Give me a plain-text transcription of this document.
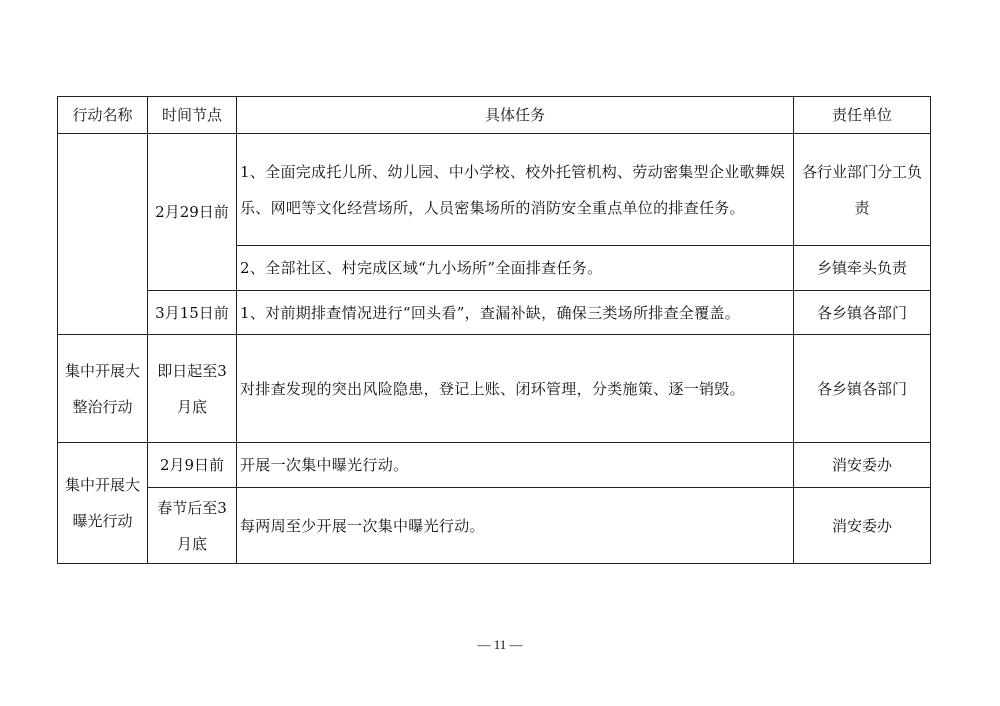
行动名称	时间节点	具体任务	责任单位
	2月29日前	1、全面完成托儿所、幼儿园、中小学校、校外托管机构、劳动密集型企业歌舞娱乐、网吧等文化经营场所，人员密集场所的消防安全重点单位的排查任务。	各行业部门分工负责

		2、全部社区、村完成区域“九小场所”全面排查任务。	乡镇牵头负责
	3月15日前	1、对前期排查情况进行“回头看”，查漏补缺，确保三类场所排查全覆盖。	各乡镇各部门

集中开展大整治行动	即日起至3月底	对排查发现的突出风险隐患，登记上账、闭环管理，分类施策、逐一销毁。	各乡镇各部门

集中开展大曝光行动	2月9日前	开展一次集中曝光行动。	消安委办

	春节后至3月底	每两周至少开展一次集中曝光行动。	消安委办
— 11 —
